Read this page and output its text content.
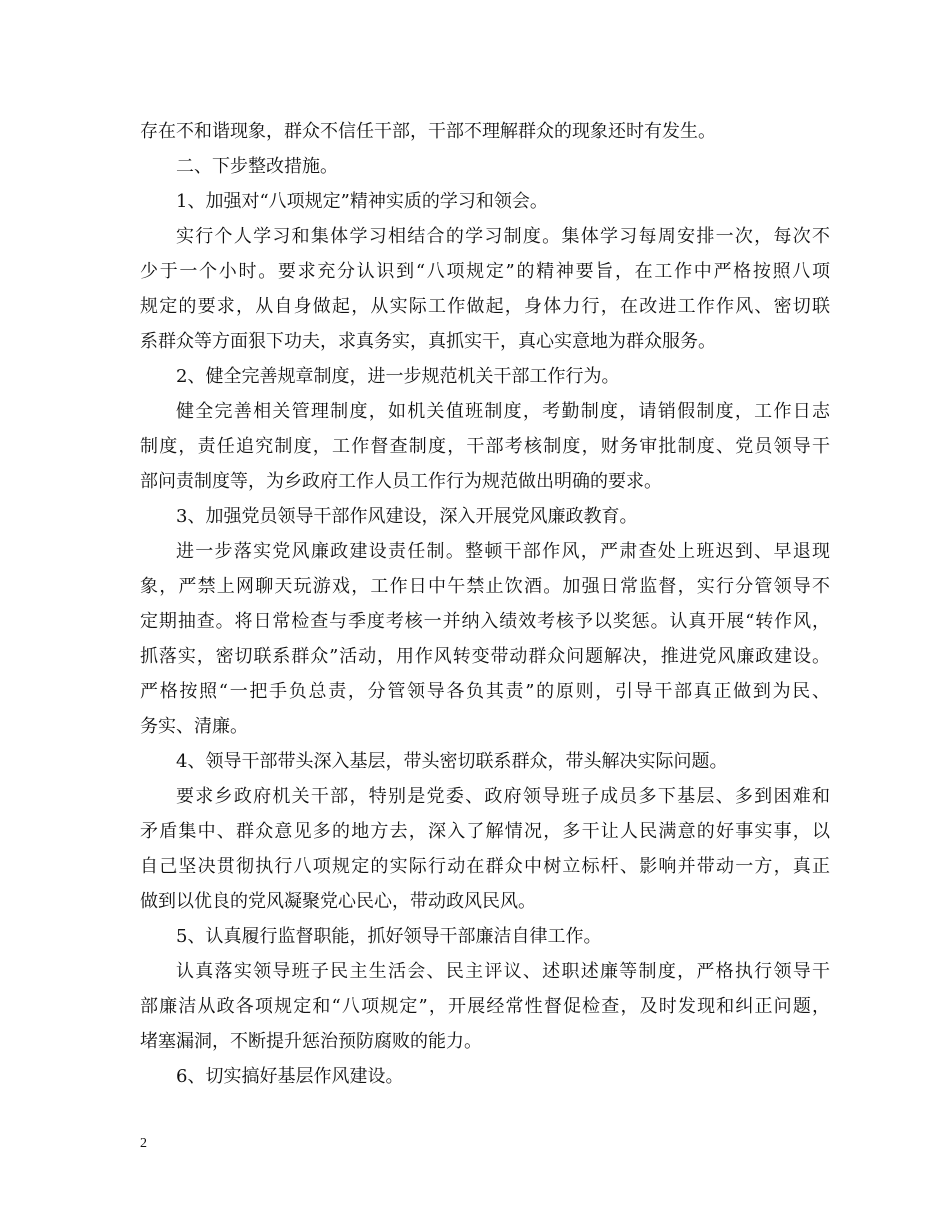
存在不和谐现象，群众不信任干部，干部不理解群众的现象还时有发生。
二、下步整改措施。
1、加强对“八项规定”精神实质的学习和领会。
实行个人学习和集体学习相结合的学习制度。集体学习每周安排一次，每次不
少于一个小时。要求充分认识到“八项规定”的精神要旨，在工作中严格按照八项
规定的要求，从自身做起，从实际工作做起，身体力行，在改进工作作风、密切联
系群众等方面狠下功夫，求真务实，真抓实干，真心实意地为群众服务。
2、健全完善规章制度，进一步规范机关干部工作行为。
健全完善相关管理制度，如机关值班制度，考勤制度，请销假制度，工作日志
制度，责任追究制度，工作督查制度，干部考核制度，财务审批制度、党员领导干
部问责制度等，为乡政府工作人员工作行为规范做出明确的要求。
3、加强党员领导干部作风建设，深入开展党风廉政教育。
进一步落实党风廉政建设责任制。整顿干部作风，严肃查处上班迟到、早退现
象，严禁上网聊天玩游戏，工作日中午禁止饮酒。加强日常监督，实行分管领导不
定期抽查。将日常检查与季度考核一并纳入绩效考核予以奖惩。认真开展“转作风，
抓落实，密切联系群众”活动，用作风转变带动群众问题解决，推进党风廉政建设。
严格按照“一把手负总责，分管领导各负其责”的原则，引导干部真正做到为民、
务实、清廉。
4、领导干部带头深入基层，带头密切联系群众，带头解决实际问题。
要求乡政府机关干部，特别是党委、政府领导班子成员多下基层、多到困难和
矛盾集中、群众意见多的地方去，深入了解情况，多干让人民满意的好事实事，以
自己坚决贯彻执行八项规定的实际行动在群众中树立标杆、影响并带动一方，真正
做到以优良的党风凝聚党心民心，带动政风民风。
5、认真履行监督职能，抓好领导干部廉洁自律工作。
认真落实领导班子民主生活会、民主评议、述职述廉等制度，严格执行领导干
部廉洁从政各项规定和“八项规定”，开展经常性督促检查，及时发现和纠正问题，
堵塞漏洞，不断提升惩治预防腐败的能力。
6、切实搞好基层作风建设。
2
